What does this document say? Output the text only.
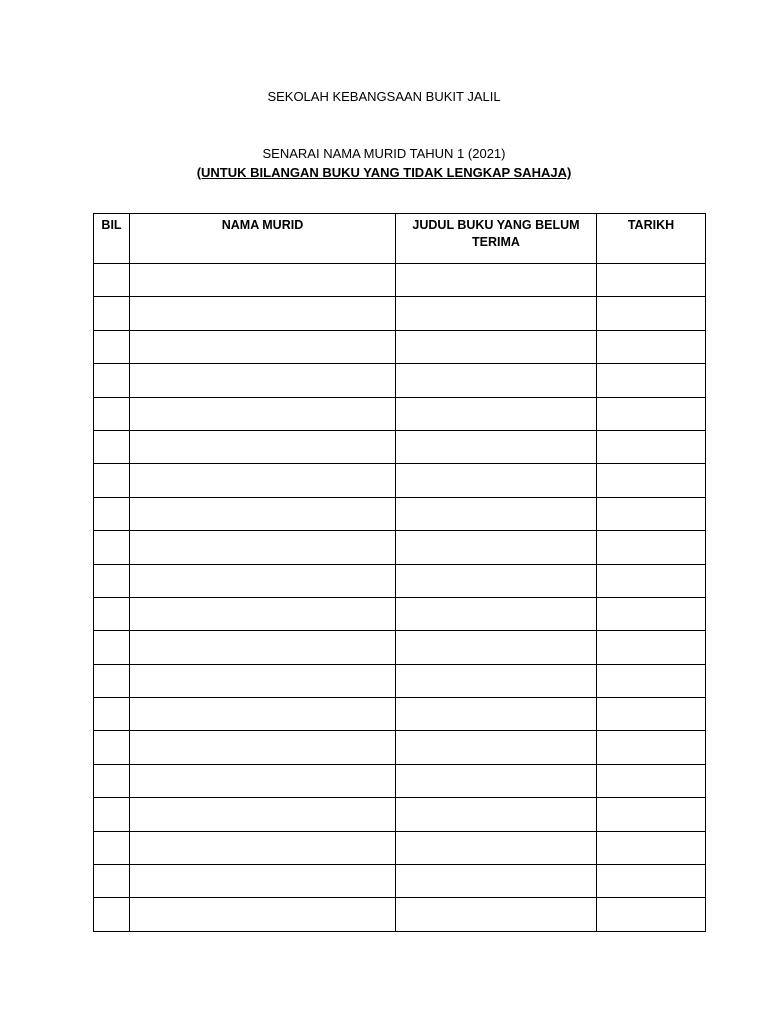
SEKOLAH KEBANGSAAN BUKIT JALIL
SENARAI NAMA MURID TAHUN 1 (2021)
(UNTUK BILANGAN BUKU YANG TIDAK LENGKAP SAHAJA)
BIL	NAMA MURID	JUDUL BUKU YANG BELUM TERIMA	TARIKH
